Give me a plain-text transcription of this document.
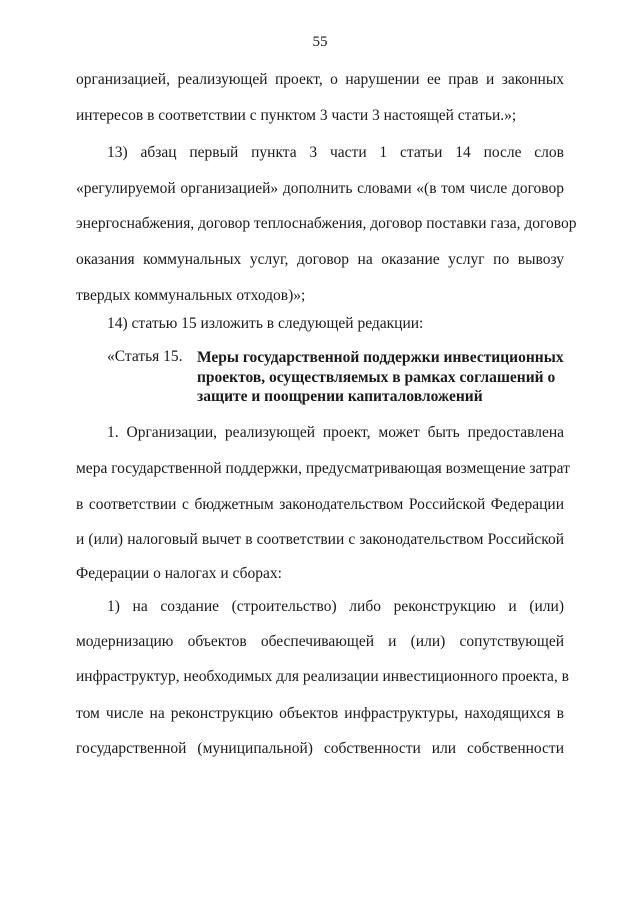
55
организацией, реализующей проект, о нарушении ее прав и законных
интересов в соответствии с пунктом 3 части 3 настоящей статьи.»;
13) абзац первый пункта 3 части 1 статьи 14 после слов
«регулируемой организацией» дополнить словами «(в том числе договор
энергоснабжения, договор теплоснабжения, договор поставки газа, договор
оказания коммунальных услуг, договор на оказание услуг по вывозу
твердых коммунальных отходов)»;
14) статью 15 изложить в следующей редакции:
1. Организации, реализующей проект, может быть предоставлена
мера государственной поддержки, предусматривающая возмещение затрат
в соответствии с бюджетным законодательством Российской Федерации
и (или) налоговый вычет в соответствии с законодательством Российской
Федерации о налогах и сборах:
1) на создание (строительство) либо реконструкцию и (или)
модернизацию объектов обеспечивающей и (или) сопутствующей
инфраструктур, необходимых для реализации инвестиционного проекта, в
том числе на реконструкцию объектов инфраструктуры, находящихся в
государственной (муниципальной) собственности или собственности
«Статья 15. Меры государственной поддержки инвестиционных проектов, осуществляемых в рамках соглашений о защите и поощрении капиталовложений
